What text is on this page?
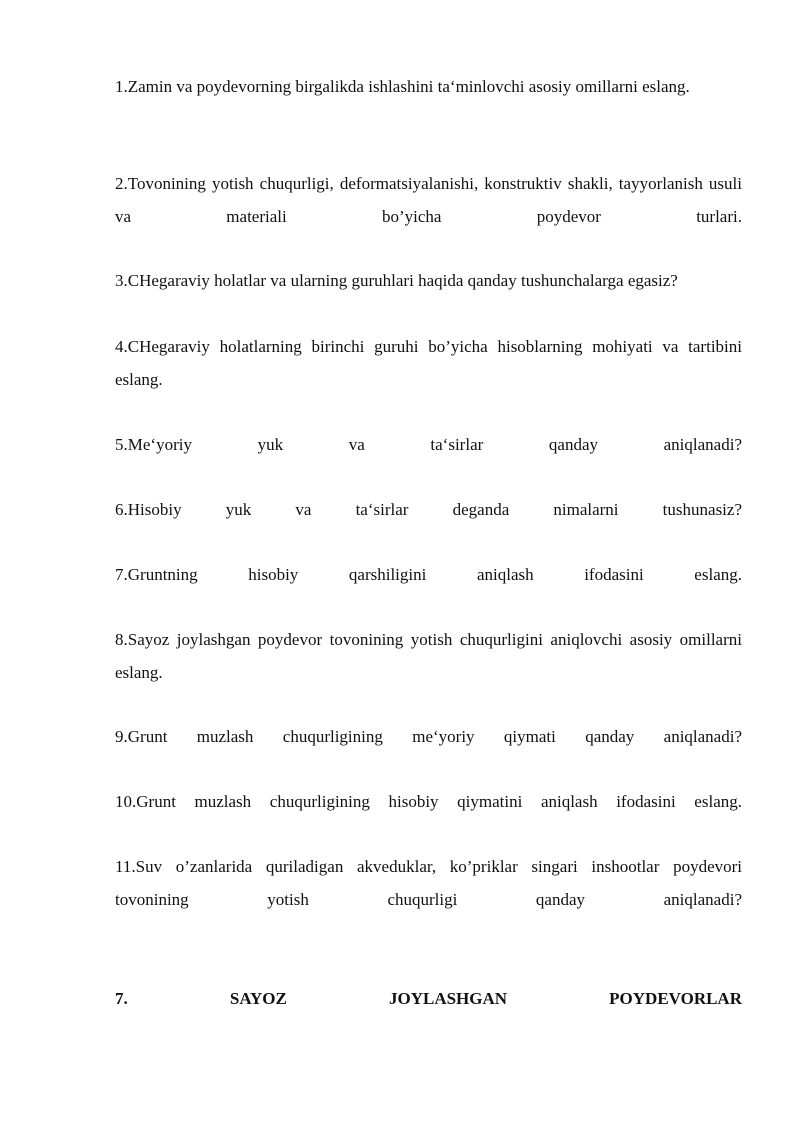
1.Zamin va poydevorning birgalikda ishlashini ta‘minlovchi asosiy omillarni eslang.

2.Tovonining yotish chuqurligi, deformatsiyalanishi, konstruktiv shakli, tayyorlanish usuli va materiali bo’yicha poydevor turlari.

3.CHegaraviy holatlar va ularning guruhlari haqida qanday tushunchalarga egasiz?

4.CHegaraviy holatlarning birinchi guruhi bo’yicha hisoblarning mohiyati va tartibini eslang.

5.Me‘yoriy yuk va ta‘sirlar qanday aniqlanadi?

6.Hisobiy yuk va ta‘sirlar deganda nimalarni tushunasiz?

7.Gruntning hisobiy qarshiligini aniqlash ifodasini eslang.

8.Sayoz joylashgan poydevor tovonining yotish chuqurligini aniqlovchi asosiy omillarni eslang.

9.Grunt muzlash chuqurligining me‘yoriy qiymati qanday aniqlanadi?

10.Grunt muzlash chuqurligining hisobiy qiymatini aniqlash ifodasini eslang.

11.Suv o’zanlarida quriladigan akveduklar, ko’priklar singari inshootlar poydevori tovonining yotish chuqurligi qanday aniqlanadi?

7. SAYOZ JOYLASHGAN POYDEVORLAR
